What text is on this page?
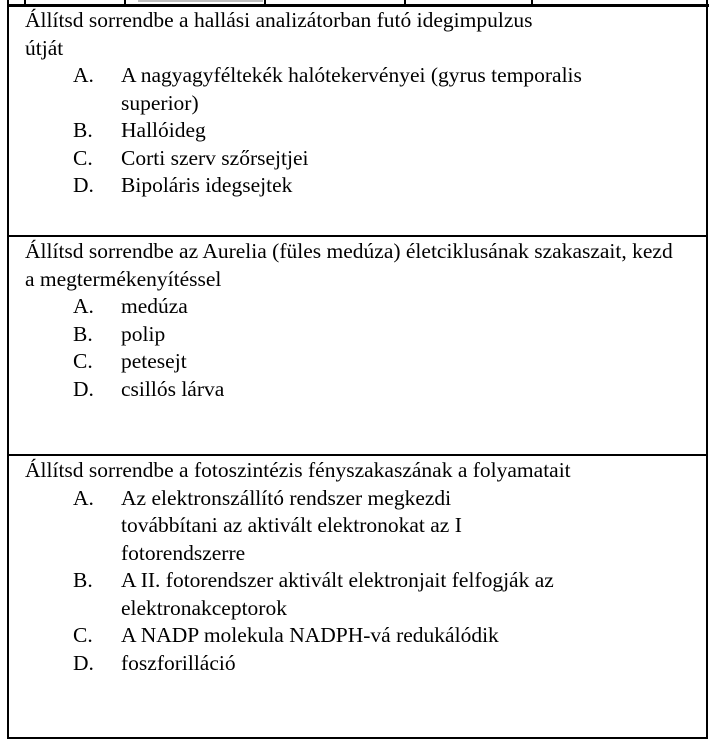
Állítsd sorrendbe a hallási analizátorban futó idegimpulzus útját

A.	A nagyagyféltekék halótekervényei (gyrus temporalis superior)
B.	Hallóideg
C.	Corti szerv szőrsejtjei
D.	Bipoláris idegsejtek

Állítsd sorrendbe az Aurelia (füles medúza) életciklusának szakaszait, kezd a megtermékenyítéssel

A.	medúza
B.	polip
C.	petesejt
D.	csillós lárva

Állítsd sorrendbe a fotoszintézis fényszakaszának a folyamatait

A.	Az elektronszállító rendszer megkezdi továbbítani az aktivált elektronokat az I fotorendszerre
B.	A II. fotorendszer aktivált elektronjait felfogják az elektronakceptorok
C.	A NADP molekula NADPH-vá redukálódik
D.	foszforilláció
